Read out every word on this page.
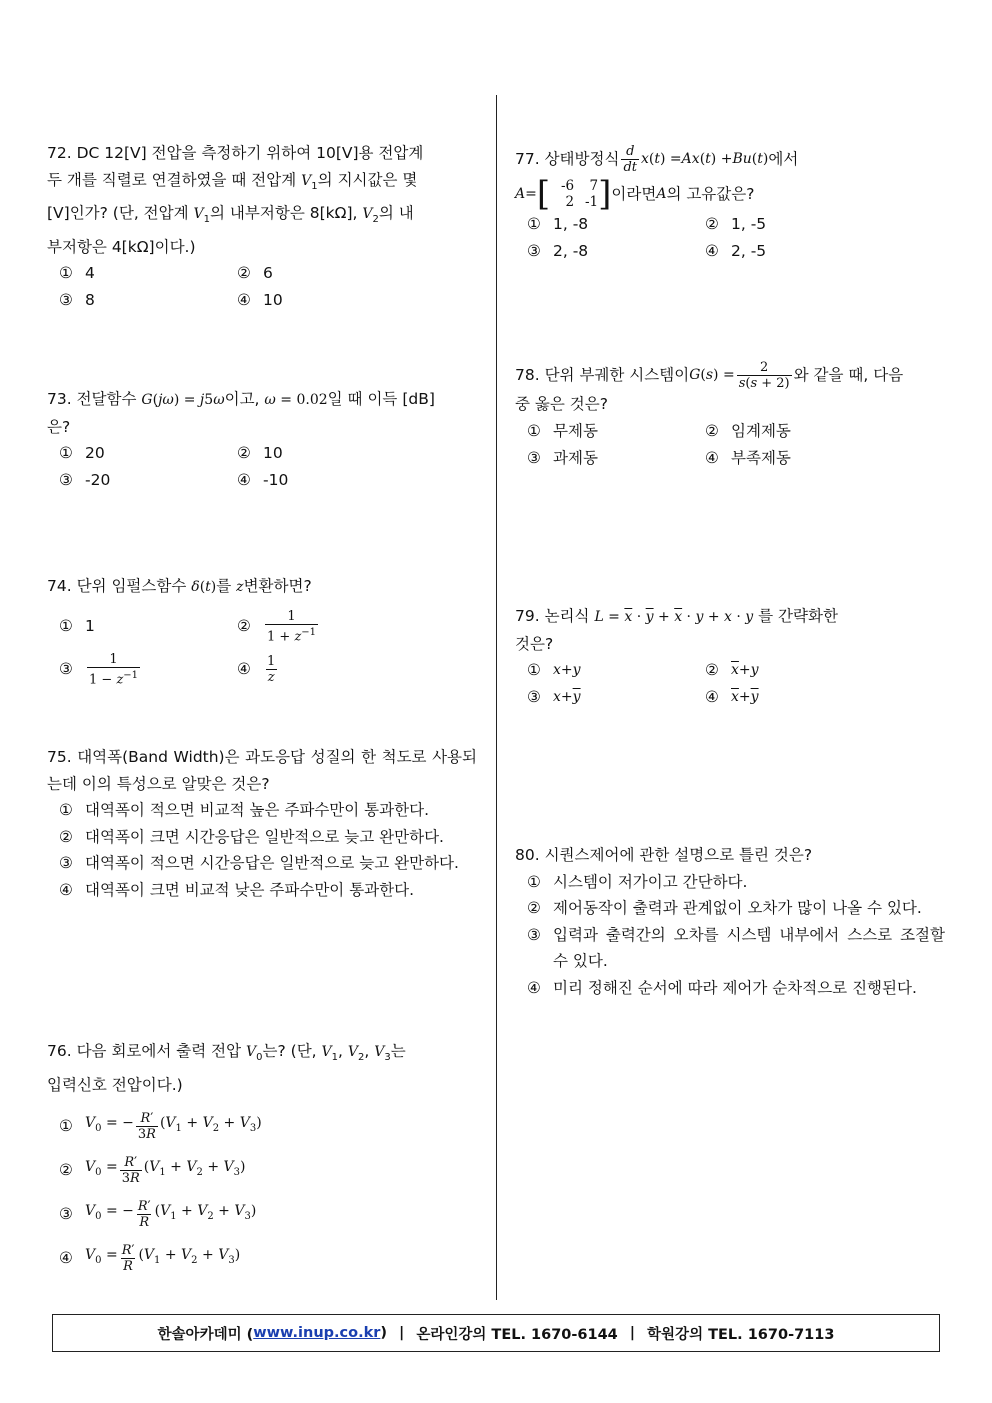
72. DC 12[V] 전압을 측정하기 위하여 10[V]용 전압계
두 개를 직렬로 연결하였을 때 전압계 $V_1$의 지시값은 몇
[V]인가? (단, 전압계 $V_1$의 내부저항은 8[kΩ], $V_2$의 내
부저항은 4[kΩ]이다.)
① 4	② 6
③ 8	④ 10
73. 전달함수 G(jω) = j5ω이고, ω = 0.02일 때 이득 [dB]
은?
① 20	② 10
③ -20	④ -10
74. 단위 임펄스함수 δ(t)를 z변환하면?
① 1	②	$\frac{1}{1 + z^{-1}}$
③	$\frac{1}{1 - z^{-1}}$	④	$\frac{1}{z}$
75. 대역폭(Band Width)은 과도응답 성질의 한 척도로 사용되는데 이의 특성으로 알맞은 것은?
① 대역폭이 적으면 비교적 높은 주파수만이 통과한다.
② 대역폭이 크면 시간응답은 일반적으로 늦고 완만하다.
③ 대역폭이 적으면 시간응답은 일반적으로 늦고 완만하다.
④ 대역폭이 크면 비교적 낮은 주파수만이 통과한다.
76. 다음 회로에서 출력 전압 $V_0$는? (단, $V_1$, $V_2$, $V_3$는
입력신호 전압이다.)
① $V_0$ = − $\frac{R'}{3R} (V_1 + V_2 + V_3)$
② $V_0 = \frac{R'}{3R} (V_1 + V_2 + V_3)$
③ $V_0$ = − $\frac{R'}{R} (V_1 + V_2 + V_3)$
④ $V_0 = \frac{R'}{R} (V_1 + V_2 + V_3)$
77. 상태방정식 $\frac{d}{dt}$ x ( t ) = Ax ( t ) + Bu ( t ) 에서
A = [ -6	7
2 -1 ] 이라면 A 의 고유값은?
① 1, -8	② 1, -5
③ 2, -8	④ 2, -5
78. 단위 부궤한 시스템이 G ( s ) = $\frac{2}{s(s + 2)}$ 와 같을 때, 다음
중 옳은 것은?
① 무제동	② 임계제동
③ 과제동	④ 부족제동
79. 논리식 $L = \overline{x} \cdot \overline{y} + \overline{x} \cdot y + x \cdot y$ 를 간략화한
것은?
① x + y	② $\overline{x} + y$
③ $x + \overline{y}$	④ $\overline{x} + \overline{y}$
80. 시퀀스제어에 관한 설명으로 틀린 것은?
① 시스템이 저가이고 간단하다.
② 제어동작이 출력과 관계없이 오차가 많이 나올 수 있다.
③ 입력과 출력간의 오차를 시스템 내부에서 스스로 조절할 수 있다.
④ 미리 정해진 순서에 따라 제어가 순차적으로 진행된다.
한솔아카데미 ( www.inup.co.kr ) | 온라인강의 TEL. 1670-6144 | 학원강의 TEL. 1670-7113
